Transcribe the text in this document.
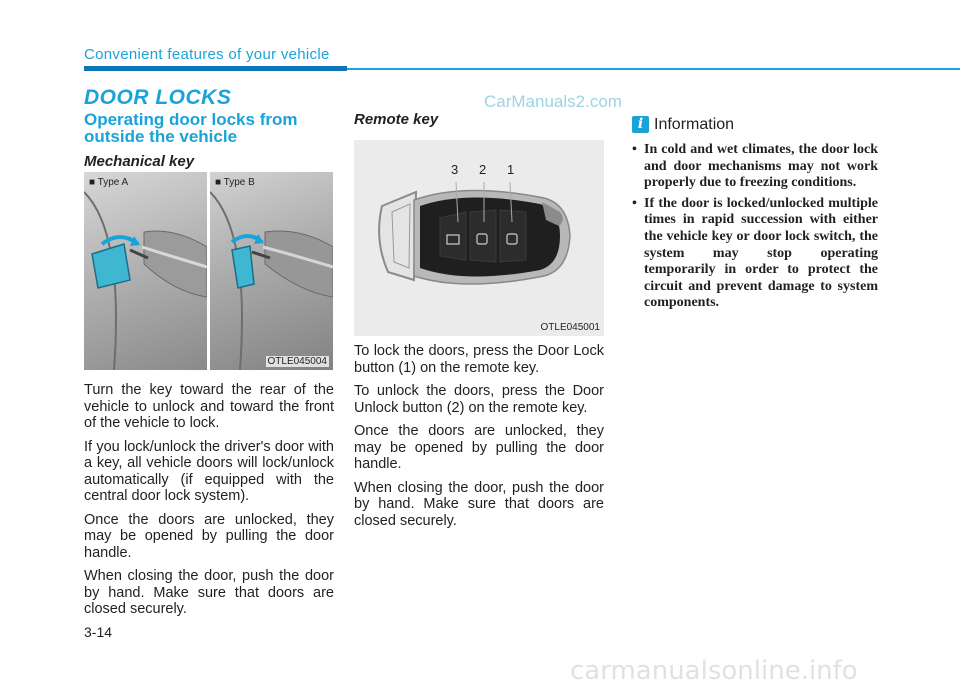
Convenient features of your vehicle
CarManuals2.com
DOOR LOCKS
Operating door locks from outside the vehicle
Mechanical key
■ Type A	■ Type B
OTLE045004

Turn the key toward the rear of the vehicle to unlock and toward the front of the vehicle to lock.

If you lock/unlock the driver's door with a key, all vehicle doors will lock/unlock automatically (if equipped with the central door lock system).

Once the doors are unlocked, they may be opened by pulling the door handle.

When closing the door, push the door by hand. Make sure that doors are closed securely.

Remote key
3 2 1
OTLE045001

To lock the doors, press the Door Lock button (1) on the remote key.

To unlock the doors, press the Door Unlock button (2) on the remote key.

Once the doors are unlocked, they may be opened by pulling the door handle.

When closing the door, push the door by hand. Make sure that doors are closed securely.

i Information
• In cold and wet climates, the door lock and door mechanisms may not work properly due to freezing conditions.
• If the door is locked/unlocked multiple times in rapid succession with either the vehicle key or door lock switch, the system may stop operating temporarily in order to protect the circuit and prevent damage to system components.
3-14
carmanualsonline.info
